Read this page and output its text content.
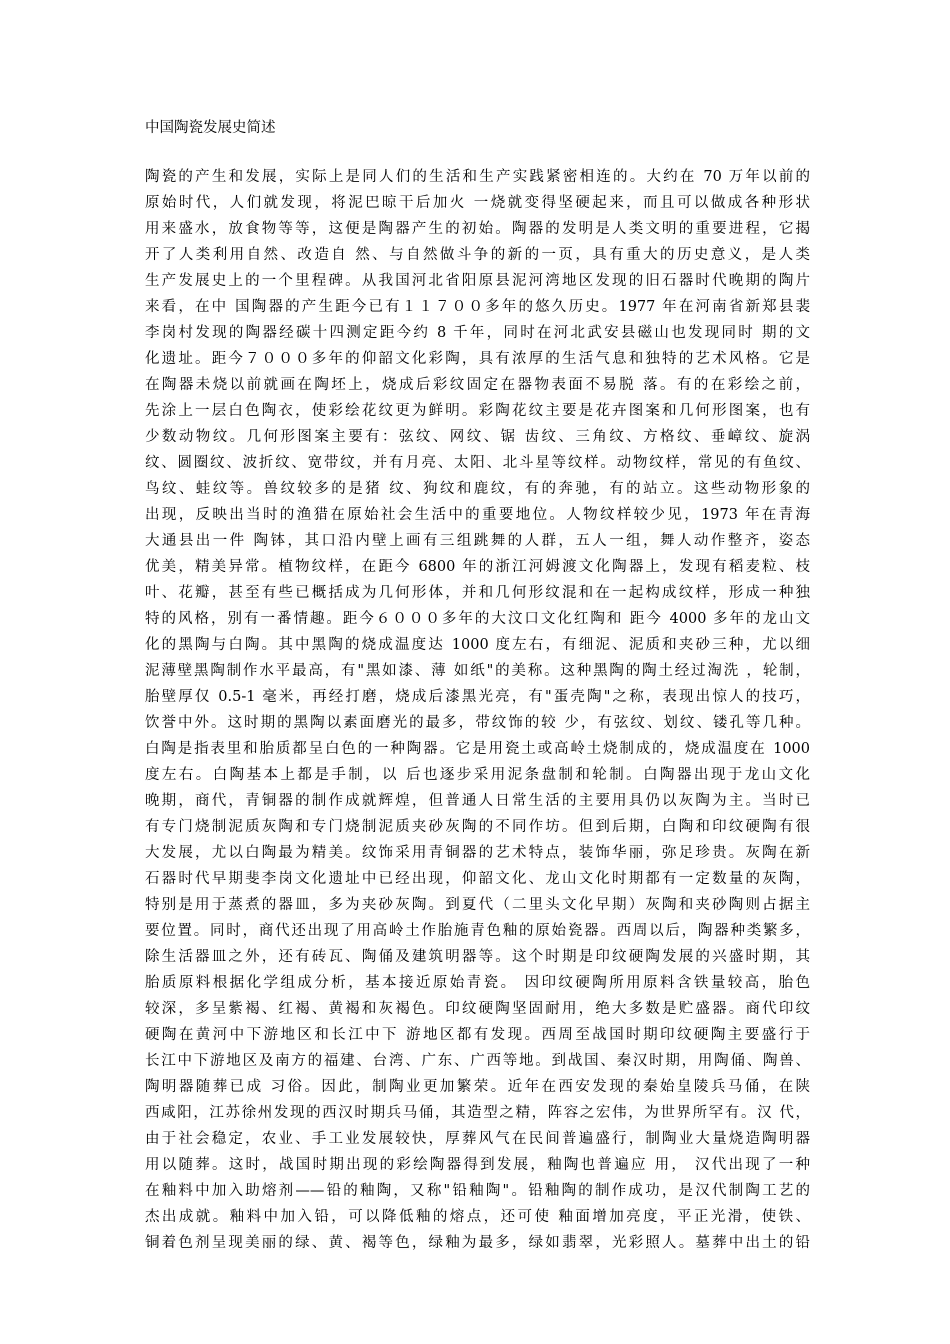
中国陶瓷发展史简述
陶瓷的产生和发展，实际上是同人们的生活和生产实践紧密相连的。大约在 70 万年以前的
原始时代，人们就发现，将泥巴晾干后加火 一烧就变得坚硬起来，而且可以做成各种形状
用来盛水，放食物等等，这便是陶器产生的初始。陶器的发明是人类文明的重要进程，它揭
开了人类利用自然、改造自 然、与自然做斗争的新的一页，具有重大的历史意义，是人类
生产发展史上的一个里程碑。从我国河北省阳原县泥河湾地区发现的旧石器时代晚期的陶片
来看，在中 国陶器的产生距今已有１１７００多年的悠久历史。1977 年在河南省新郑县裴
李岗村发现的陶器经碳十四测定距今约 8 千年，同时在河北武安县磁山也发现同时 期的文
化遗址。距今７０００多年的仰韶文化彩陶，具有浓厚的生活气息和独特的艺术风格。它是
在陶器未烧以前就画在陶坯上，烧成后彩纹固定在器物表面不易脱 落。有的在彩绘之前，
先涂上一层白色陶衣，使彩绘花纹更为鲜明。彩陶花纹主要是花卉图案和几何形图案，也有
少数动物纹。几何形图案主要有：弦纹、网纹、锯 齿纹、三角纹、方格纹、垂嶂纹、旋涡
纹、圆圈纹、波折纹、宽带纹，并有月亮、太阳、北斗星等纹样。动物纹样，常见的有鱼纹、
鸟纹、蛙纹等。兽纹较多的是猪 纹、狗纹和鹿纹，有的奔驰，有的站立。这些动物形象的
出现，反映出当时的渔猎在原始社会生活中的重要地位。人物纹样较少见，1973 年在青海
大通县出一件 陶钵，其口沿内壁上画有三组跳舞的人群，五人一组，舞人动作整齐，姿态
优美，精美异常。植物纹样，在距今 6800 年的浙江河姆渡文化陶器上，发现有稻麦粒、枝
叶、花瓣，甚至有些已概括成为几何形体，并和几何形纹混和在一起构成纹样，形成一种独
特的风格，别有一番情趣。距今６０００多年的大汶口文化红陶和 距今 4000 多年的龙山文
化的黑陶与白陶。其中黑陶的烧成温度达 1000 度左右，有细泥、泥质和夹砂三种，尤以细
泥薄壁黑陶制作水平最高，有"黑如漆、薄 如纸"的美称。这种黑陶的陶土经过淘洗 ，轮制，
胎壁厚仅 0.5-1 毫米，再经打磨，烧成后漆黑光亮，有"蛋壳陶"之称，表现出惊人的技巧，
饮誉中外。这时期的黑陶以素面磨光的最多，带纹饰的较 少，有弦纹、划纹、镂孔等几种。
白陶是指表里和胎质都呈白色的一种陶器。它是用瓷土或高岭土烧制成的，烧成温度在 1000
度左右。白陶基本上都是手制，以 后也逐步采用泥条盘制和轮制。白陶器出现于龙山文化
晚期，商代，青铜器的制作成就辉煌，但普通人日常生活的主要用具仍以灰陶为主。当时已
有专门烧制泥质灰陶和专门烧制泥质夹砂灰陶的不同作坊。但到后期，白陶和印纹硬陶有很
大发展，尤以白陶最为精美。纹饰采用青铜器的艺术特点，装饰华丽，弥足珍贵。灰陶在新
石器时代早期斐李岗文化遗址中已经出现，仰韶文化、龙山文化时期都有一定数量的灰陶，
特别是用于蒸煮的器皿，多为夹砂灰陶。到夏代（二里头文化早期）灰陶和夹砂陶则占据主
要位置。同时，商代还出现了用高岭土作胎施青色釉的原始瓷器。西周以后，陶器种类繁多，
除生活器皿之外，还有砖瓦、陶俑及建筑明器等。这个时期是印纹硬陶发展的兴盛时期，其
胎质原料根据化学组成分析，基本接近原始青瓷。 因印纹硬陶所用原料含铁量较高，胎色
较深，多呈紫褐、红褐、黄褐和灰褐色。印纹硬陶坚固耐用，绝大多数是贮盛器。商代印纹
硬陶在黄河中下游地区和长江中下 游地区都有发现。西周至战国时期印纹硬陶主要盛行于
长江中下游地区及南方的福建、台湾、广东、广西等地。到战国、秦汉时期，用陶俑、陶兽、
陶明器随葬已成 习俗。因此，制陶业更加繁荣。近年在西安发现的秦始皇陵兵马俑，在陕
西咸阳，江苏徐州发现的西汉时期兵马俑，其造型之精，阵容之宏伟，为世界所罕有。汉 代，
由于社会稳定，农业、手工业发展较快，厚葬风气在民间普遍盛行，制陶业大量烧造陶明器
用以随葬。这时，战国时期出现的彩绘陶器得到发展，釉陶也普遍应 用， 汉代出现了一种
在釉料中加入助熔剂——铅的釉陶，又称"铅釉陶"。铅釉陶的制作成功，是汉代制陶工艺的
杰出成就。釉料中加入铅，可以降低釉的熔点，还可使 釉面增加亮度，平正光滑，使铁、
铜着色剂呈现美丽的绿、黄、褐等色，绿釉为最多，绿如翡翠，光彩照人。墓葬中出土的铅
